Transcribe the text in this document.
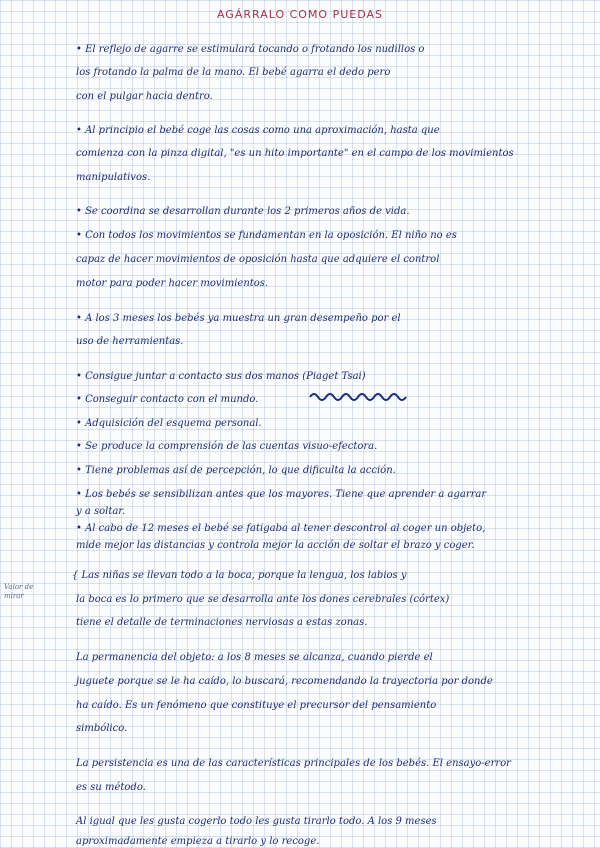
AGÁRRALO COMO PUEDAS
Valor de mirar
• El reflejo de agarre se estimulará tocando o frotando los nudillos o
los frotando la palma de la mano. El bebé agarra el dedo pero
con el pulgar hacia dentro.
• Al principio el bebé coge las cosas como una aproximación, hasta que
comienza con la pinza digital, "es un hito importante" en el campo de los movimientos
manipulativos.
• Se coordina se desarrollan durante los 2 primeros años de vida.
• Con todos los movimientos se fundamentan en la oposición. El niño no es
capaz de hacer movimientos de oposición hasta que adquiere el control
motor para poder hacer movimientos.
• A los 3 meses los bebés ya muestra un gran desempeño por el
uso de herramientas.
• Consigue juntar a contacto sus dos manos (Piaget Tsai)
• Conseguir contacto con el mundo.
• Adquisición del esquema personal.
• Se produce la comprensión de las cuentas visuo-efectora.
• Tiene problemas así de percepción, lo que dificulta la acción.
• Los bebés se sensibilizan antes que los mayores. Tiene que aprender a agarrar
y a soltar.
• Al cabo de 12 meses el bebé se fatigaba al tener descontrol al coger un objeto,
mide mejor las distancias y controla mejor la acción de soltar el brazo y coger.
{ Las niñas se llevan todo a la boca, porque la lengua, los labios y
la boca es lo primero que se desarrolla ante los dones cerebrales (córtex)
tiene el detalle de terminaciones nerviosas a estas zonas.
La permanencia del objeto: a los 8 meses se alcanza, cuando pierde el
juguete porque se le ha caído, lo buscará, recomendando la trayectoria por donde
ha caído. Es un fenómeno que constituye el precursor del pensamiento
simbólico.
La persistencia es una de las características principales de los bebés. El ensayo-error
es su método.
Al igual que les gusta cogerlo todo les gusta tirarlo todo. A los 9 meses
aproximadamente empieza a tirarlo y lo recoge.
